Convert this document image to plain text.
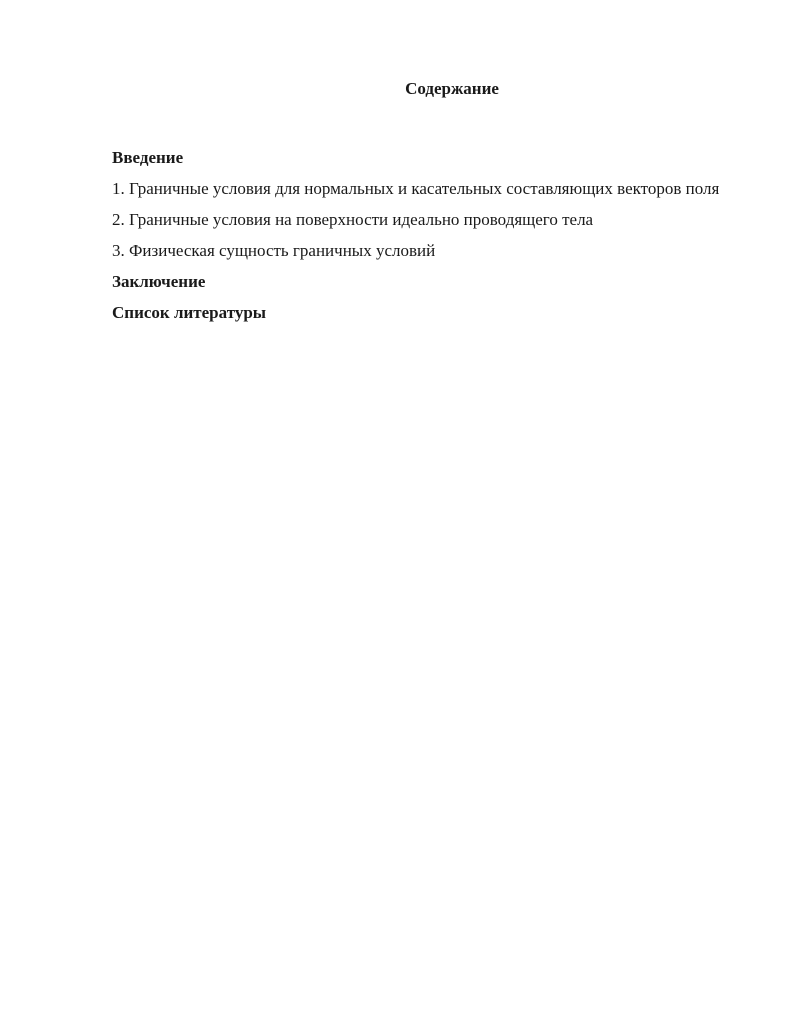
Содержание
Введение
1. Граничные условия для нормальных и касательных составляющих векторов поля
2. Граничные условия на поверхности идеально проводящего тела
3. Физическая сущность граничных условий
Заключение
Список литературы
